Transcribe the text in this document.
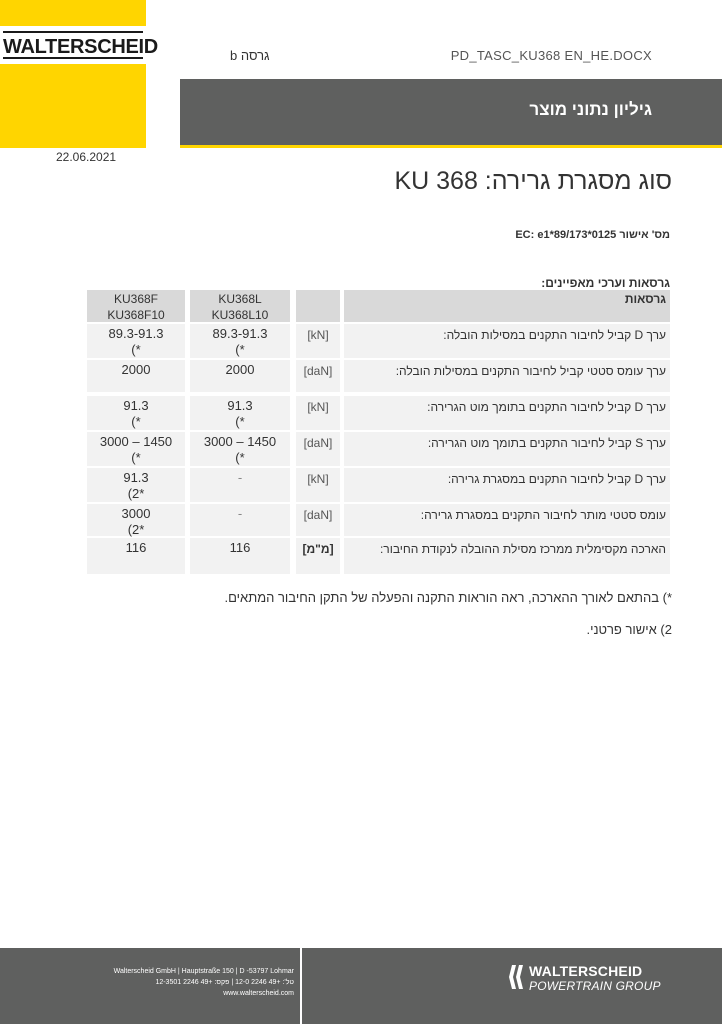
WALTERSCHEID	גרסה b	PD_TASC_KU368 EN_HE.DOCX
גיליון נתוני מוצר
22.06.2021
סוג מסגרת גרירה: KU 368
מס' אישור EC: e1*89/173*0125
גרסאות וערכי מאפיינים:
גרסאות
KU368L
KU368L10
KU368F
KU368F10
ערך D קביל לחיבור התקנים במסילות הובלה:
[kN]
89.3-91.3
(*
89.3-91.3
(*
ערך עומס סטטי קביל לחיבור התקנים במסילות הובלה:
[daN]
2000
2000
ערך D קביל לחיבור התקנים בתומך מוט הגרירה:
[kN]
91.3
(*
91.3
(*
ערך S קביל לחיבור התקנים בתומך מוט הגרירה:
[daN]
3000 – 1450
(*
3000 – 1450
(*
ערך D קביל לחיבור התקנים במסגרת גרירה:
[kN]
-
91.3
(2*
עומס סטטי מותר לחיבור התקנים במסגרת גרירה:
[daN]
-
3000
(2*
הארכה מקסימלית ממרכז מסילת ההובלה לנקודת החיבור:
[מ"מ]
116
116
*) בהתאם לאורך ההארכה, ראה הוראות התקנה והפעלה של התקן החיבור המתאים.
2) אישור פרטני.
Walterscheid GmbH | Hauptstraße 150 | D -53797 Lohmar
טל': +49 2246 12-0 | פקס: +49 2246 12-3501
www.walterscheid.com
WALTERSCHEID
POWERTRAIN GROUP
